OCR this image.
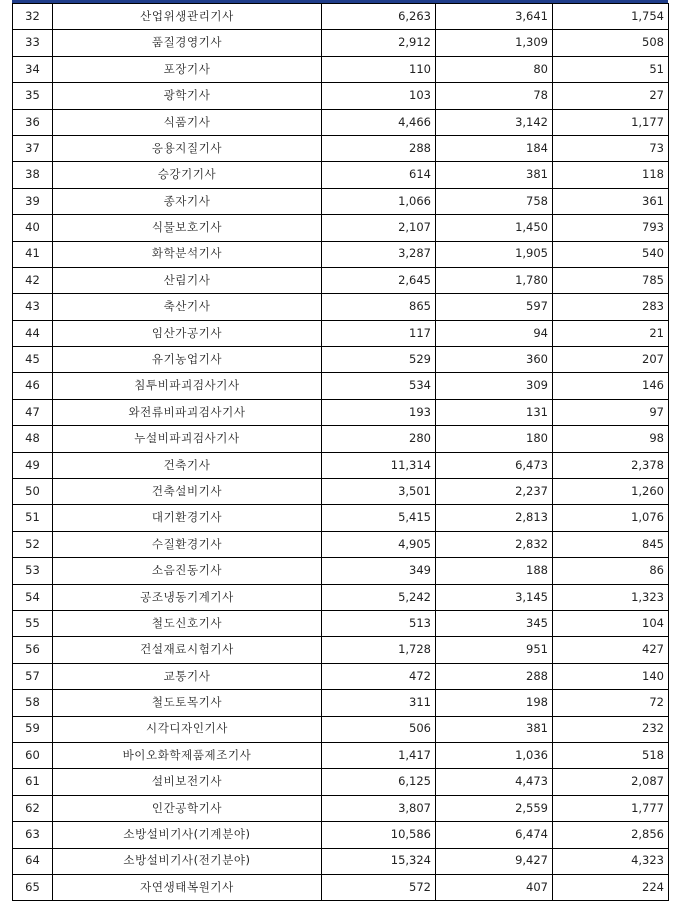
32	산업위생관리기사	6,263	3,641	1,754
33	품질경영기사	2,912	1,309	508
34	포장기사	110	80	51
35	광학기사	103	78	27
36	식품기사	4,466	3,142	1,177
37	응용지질기사	288	184	73
38	승강기기사	614	381	118
39	종자기사	1,066	758	361
40	식물보호기사	2,107	1,450	793
41	화학분석기사	3,287	1,905	540
42	산림기사	2,645	1,780	785
43	축산기사	865	597	283
44	임산가공기사	117	94	21
45	유기농업기사	529	360	207
46	침투비파괴검사기사	534	309	146
47	와전류비파괴검사기사	193	131	97
48	누설비파괴검사기사	280	180	98
49	건축기사	11,314	6,473	2,378
50	건축설비기사	3,501	2,237	1,260
51	대기환경기사	5,415	2,813	1,076
52	수질환경기사	4,905	2,832	845
53	소음진동기사	349	188	86
54	공조냉동기계기사	5,242	3,145	1,323
55	철도신호기사	513	345	104
56	건설재료시험기사	1,728	951	427
57	교통기사	472	288	140
58	철도토목기사	311	198	72
59	시각디자인기사	506	381	232
60	바이오화학제품제조기사	1,417	1,036	518
61	설비보전기사	6,125	4,473	2,087
62	인간공학기사	3,807	2,559	1,777
63	소방설비기사(기계분야)	10,586	6,474	2,856
64	소방설비기사(전기분야)	15,324	9,427	4,323
65	자연생태복원기사	572	407	224
